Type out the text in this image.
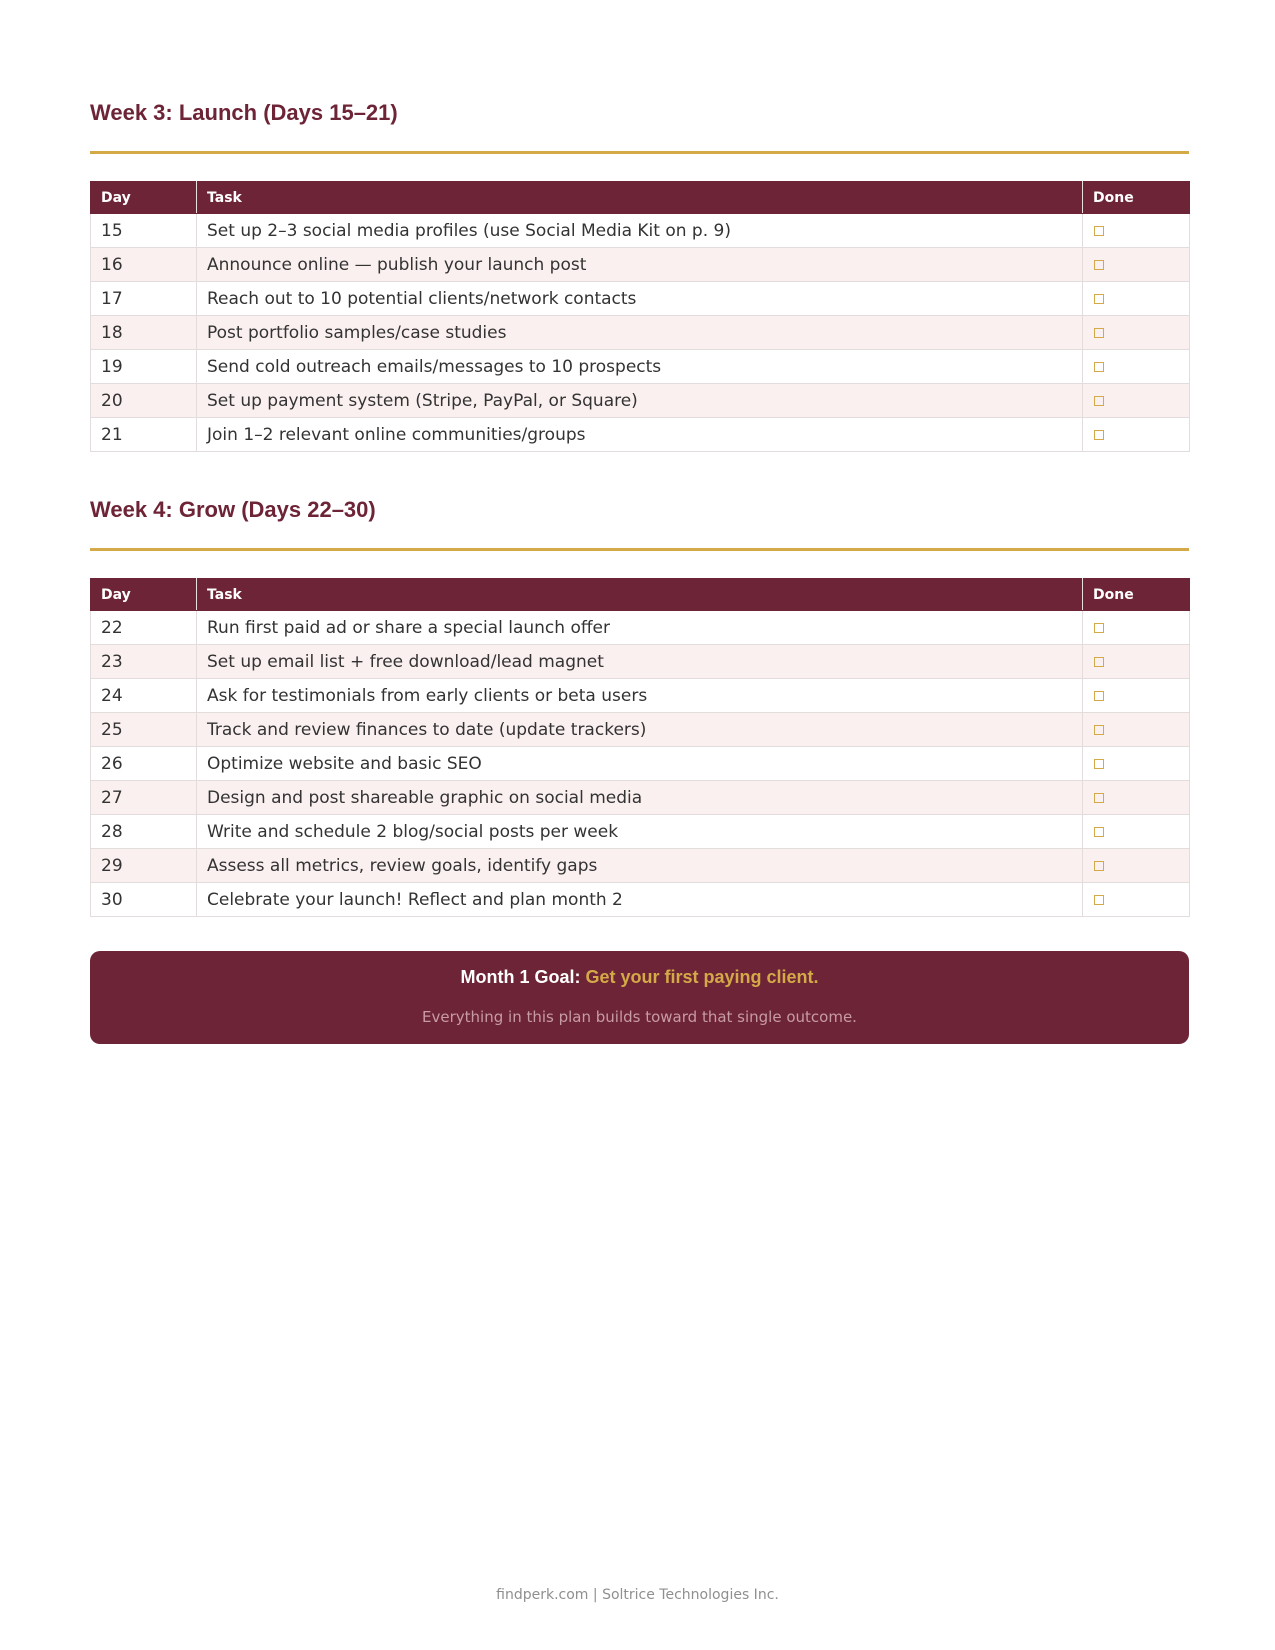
Week 3: Launch (Days 15–21)
Day	Task	Done
15	Set up 2–3 social media profiles (use Social Media Kit on p. 9)	
16	Announce online — publish your launch post	
17	Reach out to 10 potential clients/network contacts	
18	Post portfolio samples/case studies	
19	Send cold outreach emails/messages to 10 prospects	
20	Set up payment system (Stripe, PayPal, or Square)	
21	Join 1–2 relevant online communities/groups	
Week 4: Grow (Days 22–30)
Day	Task	Done
22	Run first paid ad or share a special launch offer	
23	Set up email list + free download/lead magnet	
24	Ask for testimonials from early clients or beta users	
25	Track and review finances to date (update trackers)	
26	Optimize website and basic SEO	
27	Design and post shareable graphic on social media	
28	Write and schedule 2 blog/social posts per week	
29	Assess all metrics, review goals, identify gaps	
30	Celebrate your launch! Reflect and plan month 2	
Month 1 Goal: Get your first paying client.
Everything in this plan builds toward that single outcome.
findperk.com | Soltrice Technologies Inc.
